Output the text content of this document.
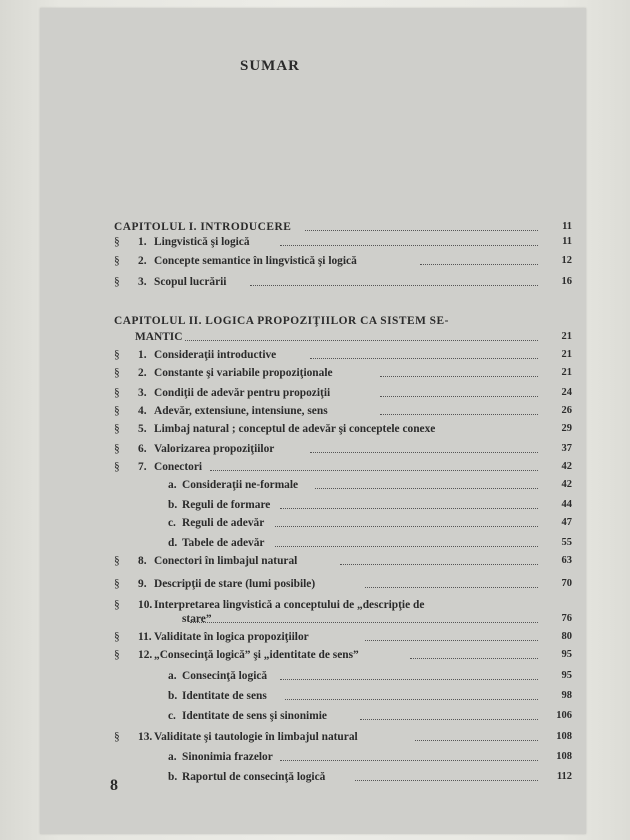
SUMAR
CAPITOLUL I. INTRODUCERE	11
§ 1. Lingvistică şi logică	11
§ 2. Concepte semantice în lingvistică şi logică	12
§ 3. Scopul lucrării	16
CAPITOLUL II. LOGICA PROPOZIŢIILOR CA SISTEM SE-
MANTIC	21
§ 1. Consideraţii introductive	21
§ 2. Constante şi variabile propoziţionale	21
§ 3. Condiţii de adevăr pentru propoziţii	24
§ 4. Adevăr, extensiune, intensiune, sens	26
§ 5. Limbaj natural ; conceptul de adevăr şi conceptele conexe	29
§ 6. Valorizarea propoziţiilor	37
§ 7. Conectori	42
a. Consideraţii ne-formale	42
b. Reguli de formare	44
c. Reguli de adevăr	47
d. Tabele de adevăr	55
§ 8. Conectori în limbajul natural	63
§ 9. Descripţii de stare (lumi posibile)	70
§ 10. Interpretarea lingvistică a conceptului de „descripţie de
stare”	76
§ 11. Validitate în logica propoziţiilor	80
§ 12. „Consecinţă logică” şi „identitate de sens”	95
a. Consecinţă logică	95
b. Identitate de sens	98
c. Identitate de sens şi sinonimie	106
§ 13. Validitate şi tautologie în limbajul natural	108
a. Sinonimia frazelor	108
b. Raportul de consecinţă logică	112
8
